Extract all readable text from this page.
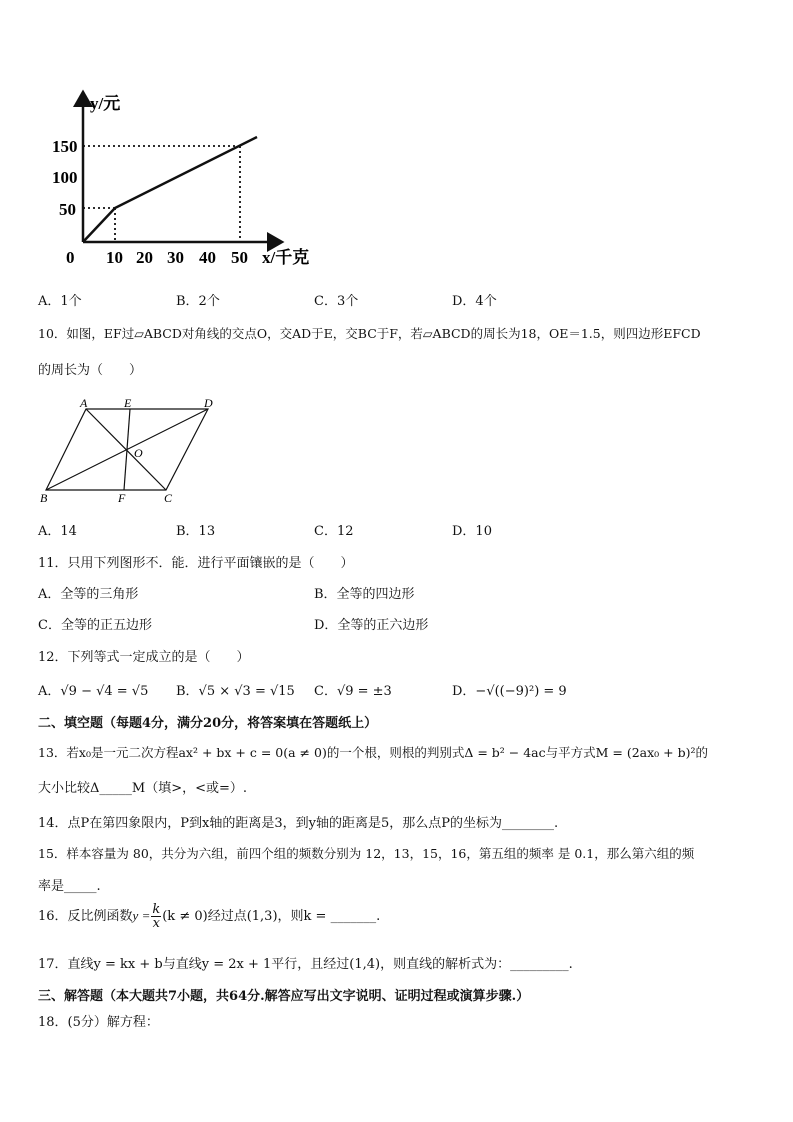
y/元
150
100
50
0 10 20 30 40 50 x/千克
A．1个	B．2个	C．3个	D．4个
10．如图，EF过▱ABCD对角线的交点O，交AD于E，交BC于F，若▱ABCD的周长为18，OE＝1.5，则四边形EFCD
的周长为（　　）
A	E	D
O
B	F	C
A．14	B．13	C．12	D．10
11．只用下列图形不．能．进行平面镶嵌的是（　　）
A．全等的三角形	B．全等的四边形
C．全等的正五边形	D．全等的正六边形
12．下列等式一定成立的是（　　）
A．√9 − √4 = √5 B．√5 × √3 = √15 C．√9 = ±3	D．−√((−9)²) = 9
二、填空题（每题4分，满分20分，将答案填在答题纸上）
13．若x₀是一元二次方程ax² + bx + c = 0(a ≠ 0)的一个根，则根的判别式Δ = b² − 4ac与平方式M = (2ax₀ + b)²的
大小比较Δ_____M（填>，<或=）.
14．点P在第四象限内，P到x轴的距离是3，到y轴的距离是5，那么点P的坐标为________.
15．样本容量为 80，共分为六组，前四个组的频数分别为 12，13，15，16，第五组的频率 是 0.1，那么第六组的频
率是_____.
16．反比例函数$y = \frac{k}{x} (k \ne 0)$经过点(1,3)，则k = _______.
17．直线y = kx + b与直线y = 2x + 1平行，且经过(1,4)，则直线的解析式为：_________.
三、解答题（本大题共7小题，共64分.解答应写出文字说明、证明过程或演算步骤.）
18．(5分）解方程：
